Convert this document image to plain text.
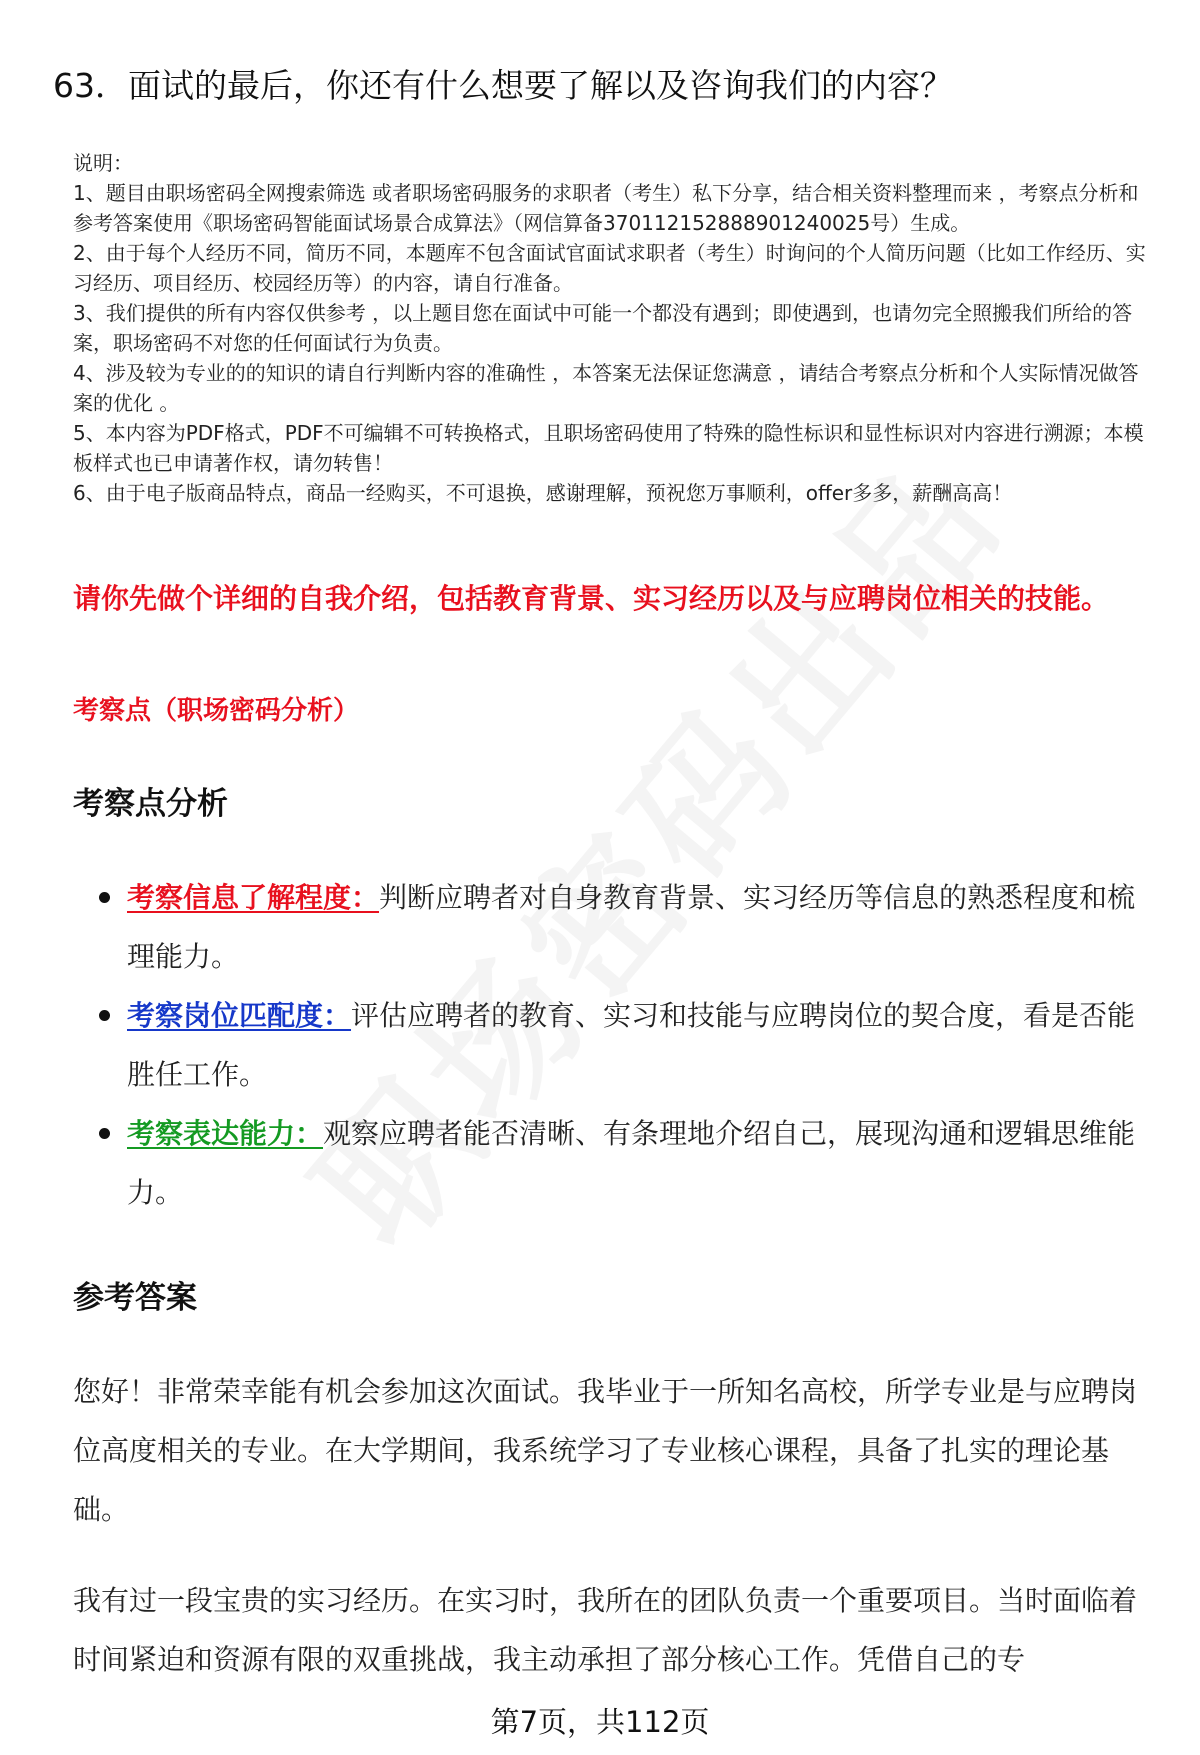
63．面试的最后，你还有什么想要了解以及咨询我们的内容？

说明：

1、题目由职场密码全网搜索筛选 或者职场密码服务的求职者（考生）私下分享，结合相关资料整理而来 ，考察点分析和参考答案使用《职场密码智能面试场景合成算法》（网信算备370112152888901240025号）生成。

2、由于每个人经历不同，简历不同，本题库不包含面试官面试求职者（考生）时询问的个人简历问题（比如工作经历、实习经历、项目经历、校园经历等）的内容，请自行准备。

3、我们提供的所有内容仅供参考 ，以上题目您在面试中可能一个都没有遇到；即使遇到，也请勿完全照搬我们所给的答案，职场密码不对您的任何面试行为负责。

4、涉及较为专业的的知识的请自行判断内容的准确性 ，本答案无法保证您满意 ，请结合考察点分析和个人实际情况做答案的优化 。

5、本内容为PDF格式，PDF不可编辑不可转换格式，且职场密码使用了特殊的隐性标识和显性标识对内容进行溯源；本模板样式也已申请著作权，请勿转售！

6、由于电子版商品特点，商品一经购买，不可退换，感谢理解，预祝您万事顺利，offer多多，薪酬高高！

请你先做个详细的自我介绍，包括教育背景、实习经历以及与应聘岗位相关的技能。

考察点（职场密码分析）

考察点分析
考察信息了解程度：判断应聘者对自身教育背景、实习经历等信息的熟悉程度和梳理能力。
考察岗位匹配度：评估应聘者的教育、实习和技能与应聘岗位的契合度，看是否能胜任工作。
考察表达能力：观察应聘者能否清晰、有条理地介绍自己，展现沟通和逻辑思维能力。
参考答案

您好！非常荣幸能有机会参加这次面试。我毕业于一所知名高校，所学专业是与应聘岗位高度相关的专业。在大学期间，我系统学习了专业核心课程，具备了扎实的理论基础。

我有过一段宝贵的实习经历。在实习时，我所在的团队负责一个重要项目。当时面临着时间紧迫和资源有限的双重挑战，我主动承担了部分核心工作。凭借自己的专

第7页，共112页
